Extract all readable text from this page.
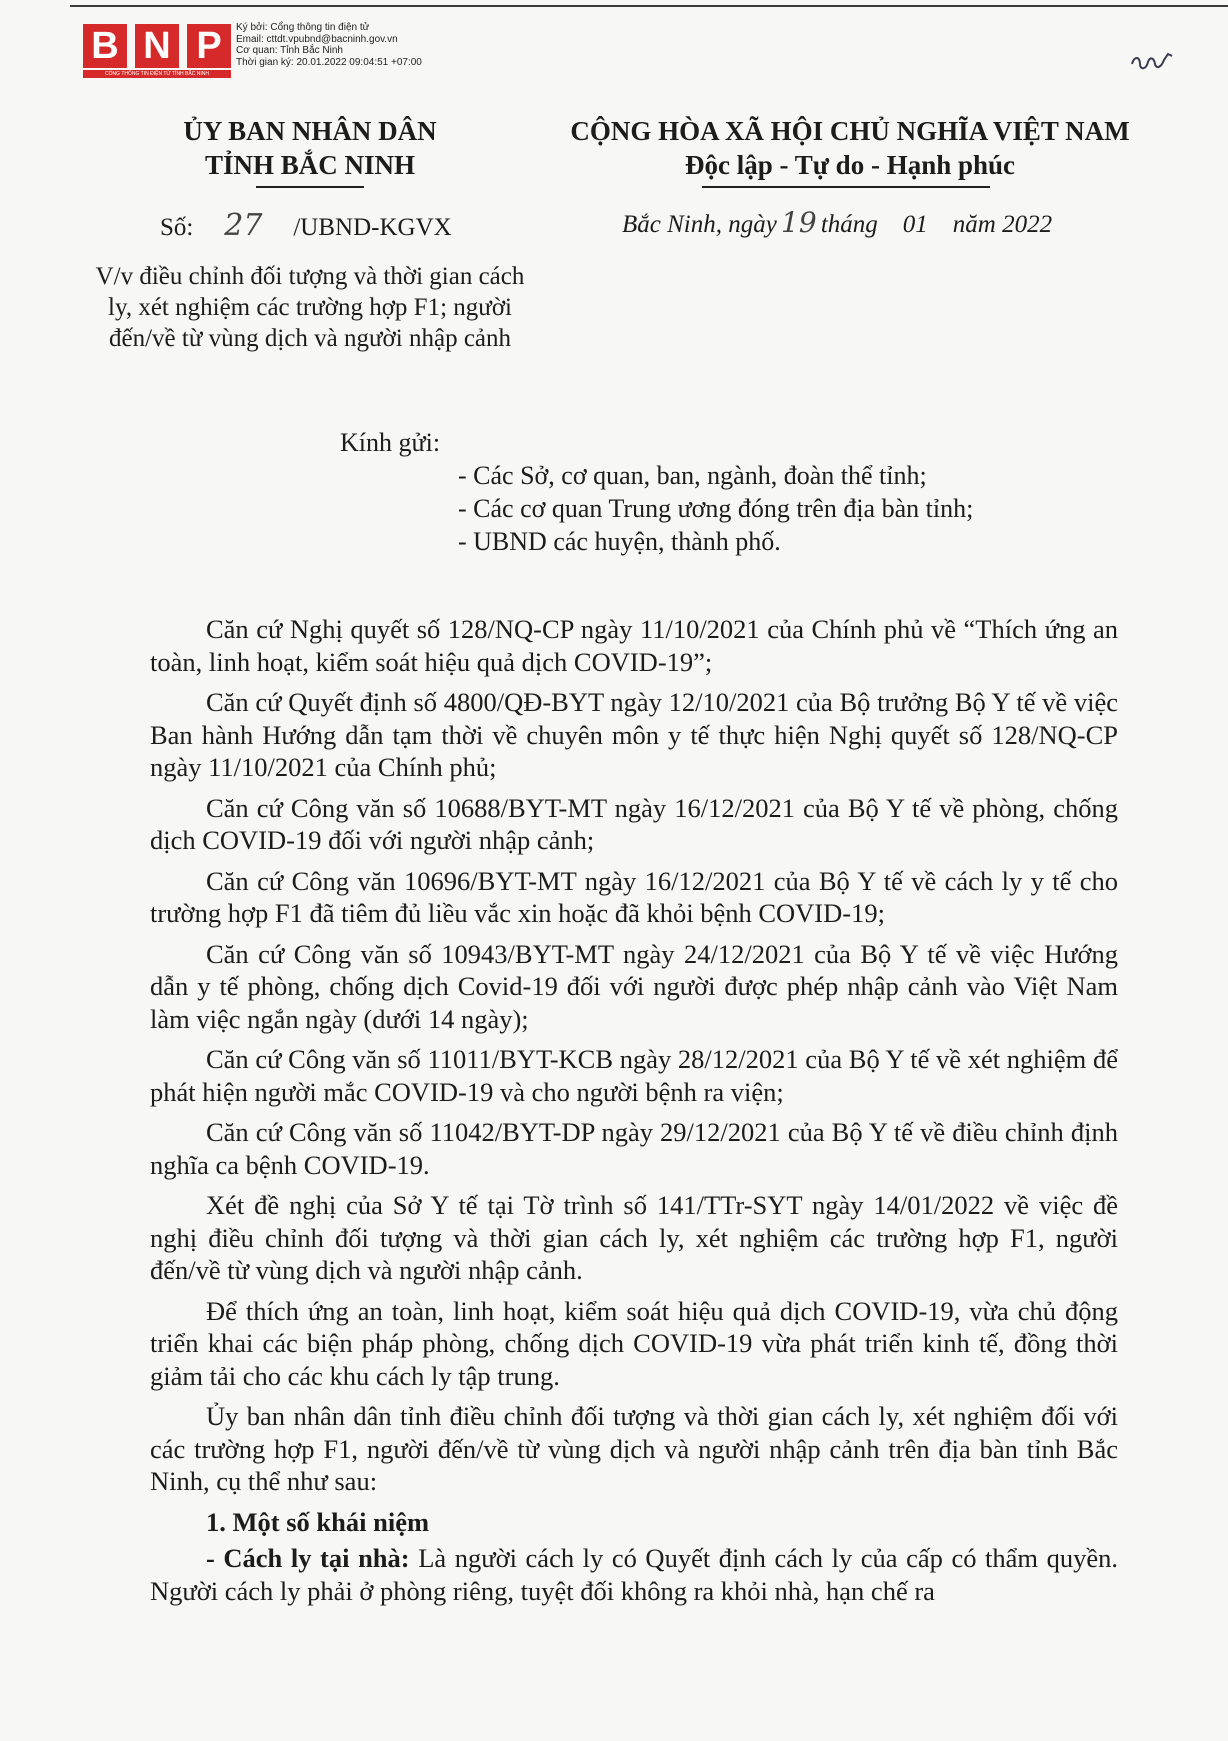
B N P
CỔNG THÔNG TIN ĐIỆN TỬ TỈNH BẮC NINH
Ký bởi: Cổng thông tin điện tử
Email: cttdt.vpubnd@bacninh.gov.vn
Cơ quan: Tỉnh Bắc Ninh
Thời gian ký: 20.01.2022 09:04:51 +07:00
ỦY BAN NHÂN DÂN
TỈNH BẮC NINH
CỘNG HÒA XÃ HỘI CHỦ NGHĨA VIỆT NAM
Độc lập - Tự do - Hạnh phúc
Số: 27 /UBND-KGVX	Bắc Ninh, ngày 19 tháng 01 năm 2022
V/v điều chỉnh đối tượng và thời gian cách
ly, xét nghiệm các trường hợp F1; người
đến/về từ vùng dịch và người nhập cảnh
Kính gửi:
- Các Sở, cơ quan, ban, ngành, đoàn thể tỉnh;
- Các cơ quan Trung ương đóng trên địa bàn tỉnh;
- UBND các huyện, thành phố.

Căn cứ Nghị quyết số 128/NQ-CP ngày 11/10/2021 của Chính phủ về “Thích ứng an toàn, linh hoạt, kiểm soát hiệu quả dịch COVID-19”;

Căn cứ Quyết định số 4800/QĐ-BYT ngày 12/10/2021 của Bộ trưởng Bộ Y tế về việc Ban hành Hướng dẫn tạm thời về chuyên môn y tế thực hiện Nghị quyết số 128/NQ-CP ngày 11/10/2021 của Chính phủ;

Căn cứ Công văn số 10688/BYT-MT ngày 16/12/2021 của Bộ Y tế về phòng, chống dịch COVID-19 đối với người nhập cảnh;

Căn cứ Công văn 10696/BYT-MT ngày 16/12/2021 của Bộ Y tế về cách ly y tế cho trường hợp F1 đã tiêm đủ liều vắc xin hoặc đã khỏi bệnh COVID-19;

Căn cứ Công văn số 10943/BYT-MT ngày 24/12/2021 của Bộ Y tế về việc Hướng dẫn y tế phòng, chống dịch Covid-19 đối với người được phép nhập cảnh vào Việt Nam làm việc ngắn ngày (dưới 14 ngày);

Căn cứ Công văn số 11011/BYT-KCB ngày 28/12/2021 của Bộ Y tế về xét nghiệm để phát hiện người mắc COVID-19 và cho người bệnh ra viện;

Căn cứ Công văn số 11042/BYT-DP ngày 29/12/2021 của Bộ Y tế về điều chỉnh định nghĩa ca bệnh COVID-19.

Xét đề nghị của Sở Y tế tại Tờ trình số 141/TTr-SYT ngày 14/01/2022 về việc đề nghị điều chỉnh đối tượng và thời gian cách ly, xét nghiệm các trường hợp F1, người đến/về từ vùng dịch và người nhập cảnh.

Để thích ứng an toàn, linh hoạt, kiểm soát hiệu quả dịch COVID-19, vừa chủ động triển khai các biện pháp phòng, chống dịch COVID-19 vừa phát triển kinh tế, đồng thời giảm tải cho các khu cách ly tập trung.

Ủy ban nhân dân tỉnh điều chỉnh đối tượng và thời gian cách ly, xét nghiệm đối với các trường hợp F1, người đến/về từ vùng dịch và người nhập cảnh trên địa bàn tỉnh Bắc Ninh, cụ thể như sau:

1. Một số khái niệm

- Cách ly tại nhà: Là người cách ly có Quyết định cách ly của cấp có thẩm quyền. Người cách ly phải ở phòng riêng, tuyệt đối không ra khỏi nhà, hạn chế ra
